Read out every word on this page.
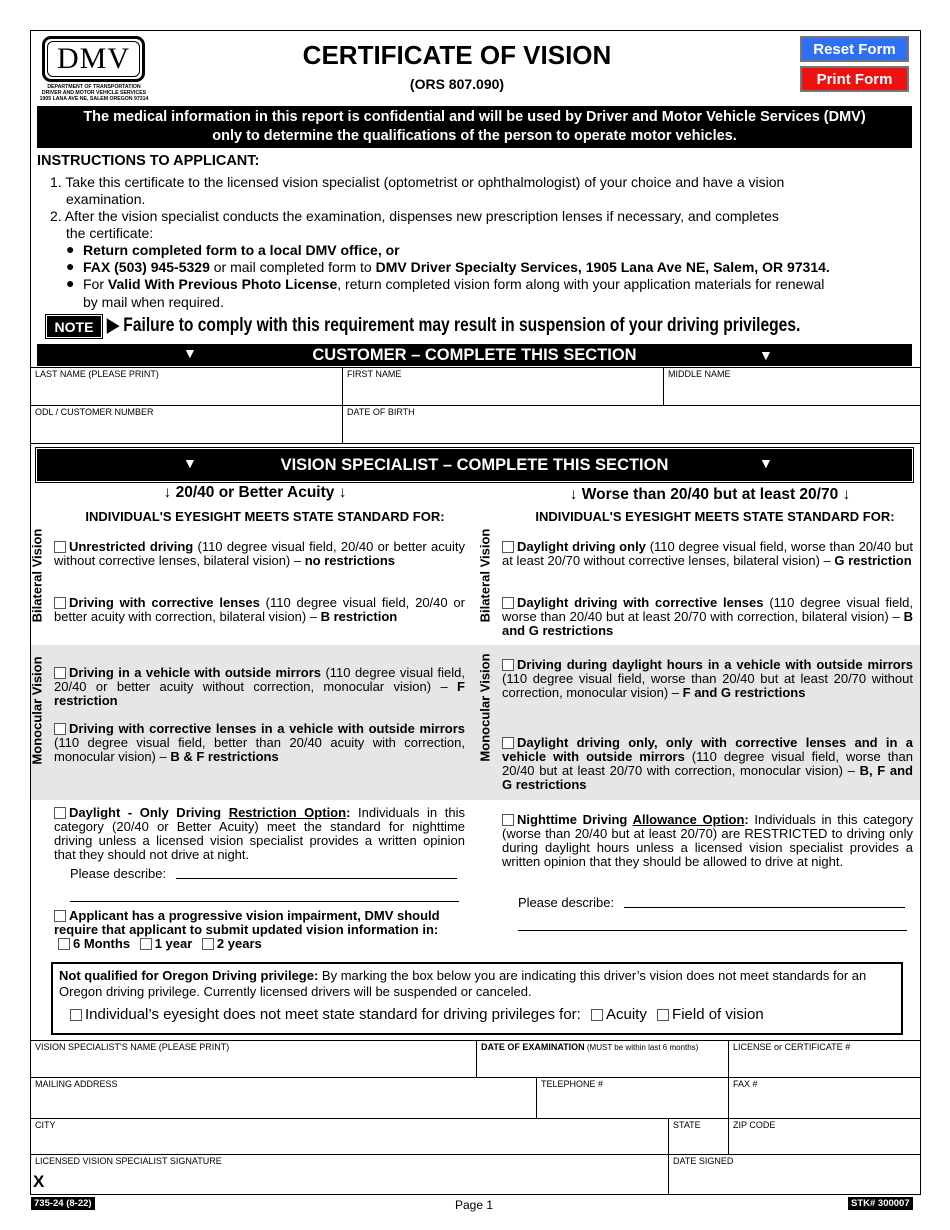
DMV
DEPARTMENT OF TRANSPORTATION
DRIVER AND MOTOR VEHICLE SERVICES
1905 LANA AVE NE, SALEM OREGON 97314
CERTIFICATE OF VISION
(ORS 807.090)
Reset Form
Print Form
The medical information in this report is confidential and will be used by Driver and Motor Vehicle Services (DMV)
only to determine the qualifications of the person to operate motor vehicles.
INSTRUCTIONS TO APPLICANT:
1. Take this certificate to the licensed vision specialist (optometrist or ophthalmologist) of your choice and have a vision
examination.
2. After the vision specialist conducts the examination, dispenses new prescription lenses if necessary, and completes
the certificate:
● Return completed form to a local DMV office, or
● FAX (503) 945-5329 or mail completed form to DMV Driver Specialty Services, 1905 Lana Ave NE, Salem, OR 97314.
● For Valid With Previous Photo License, return completed vision form along with your application materials for renewal
by mail when required.
NOTE ▶ Failure to comply with this requirement may result in suspension of your driving privileges.
CUSTOMER – COMPLETE THIS SECTION
▼	▼
LAST NAME (PLEASE PRINT)	FIRST NAME	MIDDLE NAME
ODL / CUSTOMER NUMBER	DATE OF BIRTH
VISION SPECIALIST – COMPLETE THIS SECTION
▼	▼
↓ 20/40 or Better Acuity ↓	↓ Worse than 20/40 but at least 20/70 ↓
INDIVIDUAL'S EYESIGHT MEETS STATE STANDARD FOR:	INDIVIDUAL'S EYESIGHT MEETS STATE STANDARD FOR:
Bilateral Vision	Bilateral Vision
Monocular Vision	Monocular Vision
Unrestricted driving (110 degree visual field, 20/40 or better acuity without corrective lenses, bilateral vision) – no restrictions
Driving with corrective lenses (110 degree visual field, 20/40 or better acuity with correction, bilateral vision) – B restriction
Driving in a vehicle with outside mirrors (110 degree visual field, 20/40 or better acuity without correction, monocular vision) – F restriction
Driving with corrective lenses in a vehicle with outside mirrors (110 degree visual field, better than 20/40 acuity with correction, monocular vision) – B & F restrictions
Daylight driving only (110 degree visual field, worse than 20/40 but at least 20/70 without corrective lenses, bilateral vision) – G restriction
Daylight driving with corrective lenses (110 degree visual field, worse than 20/40 but at least 20/70 with correction, bilateral vision) – B and G restrictions
Driving during daylight hours in a vehicle with outside mirrors (110 degree visual field, worse than 20/40 but at least 20/70 without correction, monocular vision) – F and G restrictions
Daylight driving only, only with corrective lenses and in a vehicle with outside mirrors (110 degree visual field, worse than 20/40 but at least 20/70 with correction, monocular vision) – B, F and G restrictions
Daylight - Only Driving Restriction Option: Individuals in this category (20/40 or Better Acuity) meet the standard for nighttime driving unless a licensed vision specialist provides a written opinion that they should not drive at night.
Please describe:
Nighttime Driving Allowance Option: Individuals in this category (worse than 20/40 but at least 20/70) are RESTRICTED to driving only during daylight hours unless a licensed vision specialist provides a written opinion that they should be allowed to drive at night.
Please describe:
Applicant has a progressive vision impairment, DMV should require that applicant to submit updated vision information in: 6 Months 1 year 2 years
Not qualified for Oregon Driving privilege: By marking the box below you are indicating this driver’s vision does not meet standards for an Oregon driving privilege. Currently licensed drivers will be suspended or canceled.
Individual’s eyesight does not meet state standard for driving privileges for: Acuity Field of vision
VISION SPECIALIST'S NAME (PLEASE PRINT)	DATE OF EXAMINATION (MUST be within last 6 months)	LICENSE or CERTIFICATE #
MAILING ADDRESS	TELEPHONE #	FAX #
CITY	STATE	ZIP CODE
LICENSED VISION SPECIALIST SIGNATURE
X
DATE SIGNED
735-24 (8-22)	Page 1	STK# 300007
